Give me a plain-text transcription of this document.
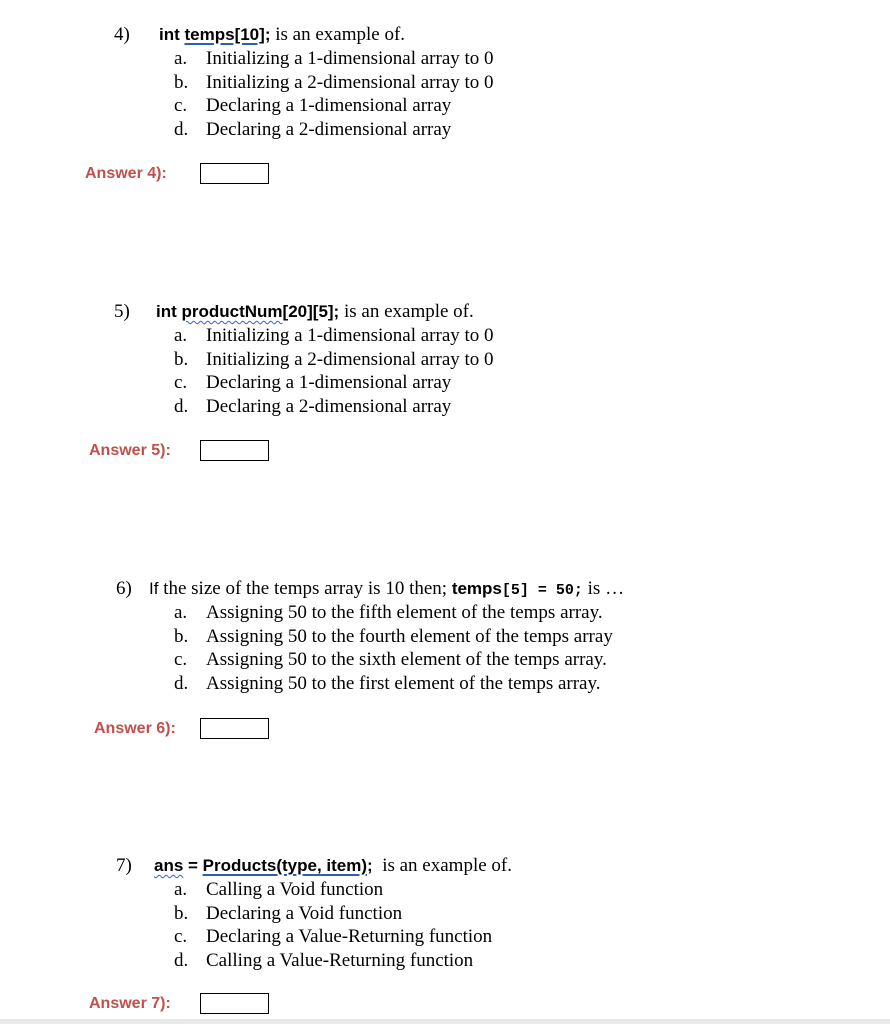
4) int temps[10]; is an example of.
a. Initializing a 1-dimensional array to 0
b. Initializing a 2-dimensional array to 0
c. Declaring a 1-dimensional array
d. Declaring a 2-dimensional array
Answer 4):
5) int productNum[20][5]; is an example of.
a. Initializing a 1-dimensional array to 0
b. Initializing a 2-dimensional array to 0
c. Declaring a 1-dimensional array
d. Declaring a 2-dimensional array
Answer 5):
6) If the size of the temps array is 10 then; temps[5] = 50; is …
a. Assigning 50 to the fifth element of the temps array.
b. Assigning 50 to the fourth element of the temps array
c. Assigning 50 to the sixth element of the temps array.
d. Assigning 50 to the first element of the temps array.
Answer 6):
7) ans = Products(type, item);  is an example of.
a. Calling a Void function
b. Declaring a Void function
c. Declaring a Value-Returning function
d. Calling a Value-Returning function
Answer 7):
